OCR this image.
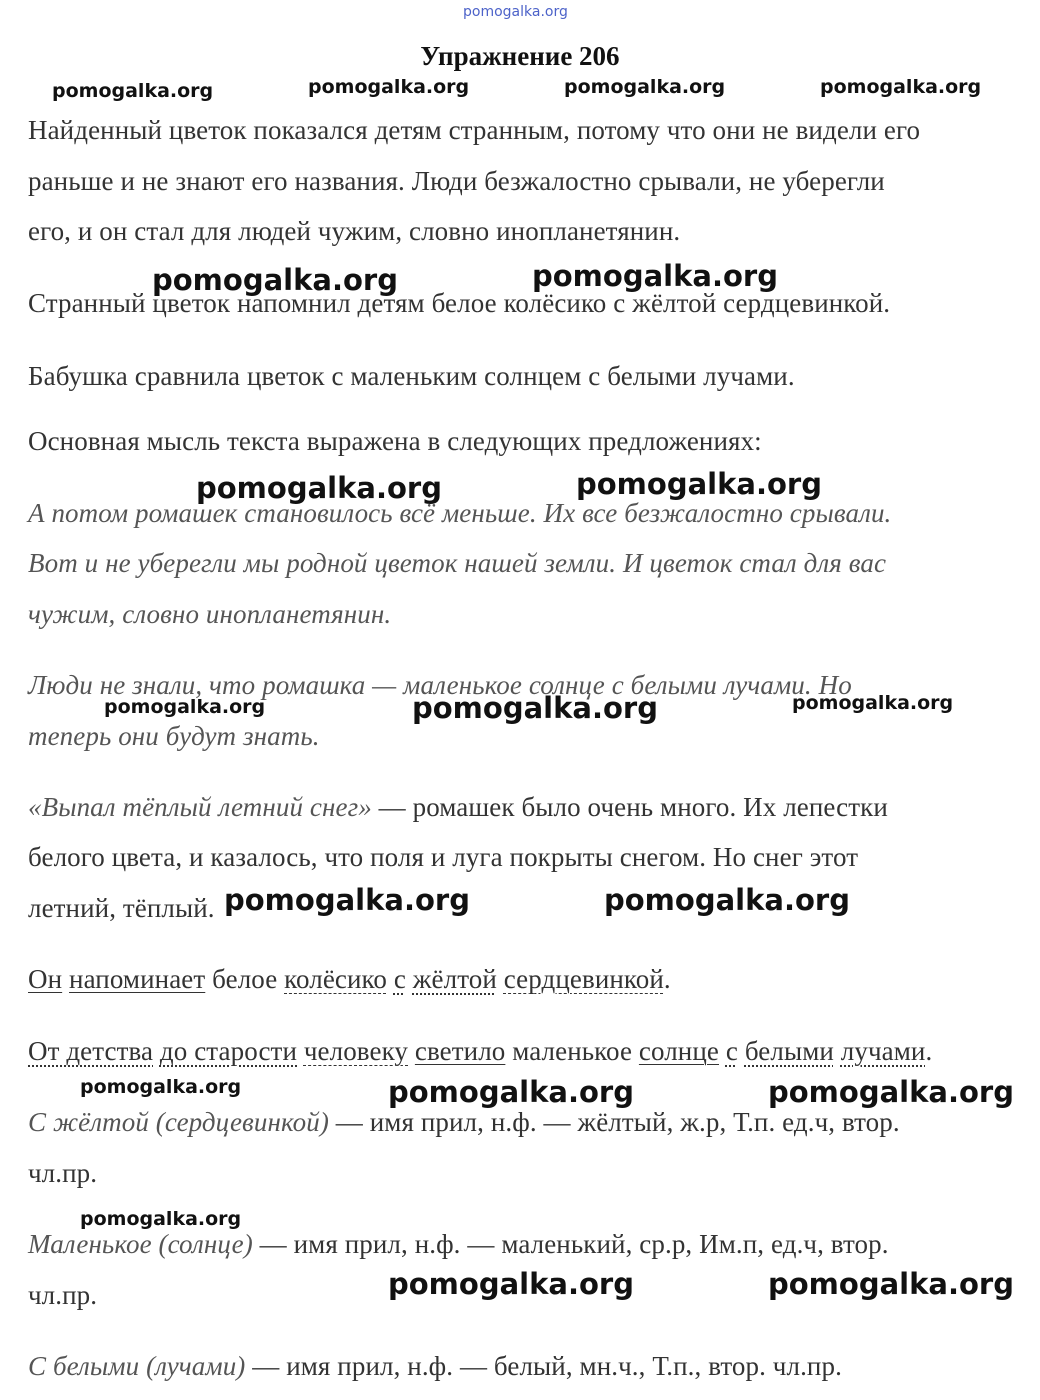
pomogalka.org
Упражнение 206
pomogalka.org	pomogalka.org	pomogalka.org	pomogalka.org

Найденный цветок показался детям странным, потому что они не видели его

раньше и не знают его названия. Люди безжалостно срывали, не уберегли

его, и он стал для людей чужим, словно инопланетянин.

Странный цветок напомнил детям белое колёсико с жёлтой сердцевинкой.

pomogalka.org	pomogalka.org

Бабушка сравнила цветок с маленьким солнцем с белыми лучами.

Основная мысль текста выражена в следующих предложениях:

А потом ромашек становилось всё меньше. Их все безжалостно срывали.

Вот и не уберегли мы родной цветок нашей земли. И цветок стал для вас

чужим, словно инопланетянин.

pomogalka.org	pomogalka.org

Люди не знали, что ромашка — маленькое солнце с белыми лучами. Но

теперь они будут знать.

pomogalka.org	pomogalka.org	pomogalka.org

«Выпал тёплый летний снег» — ромашек было очень много. Их лепестки

белого цвета, и казалось, что поля и луга покрыты снегом. Но снег этот

летний, тёплый. pomogalka.org	pomogalka.org

Он напоминает белое колёсико с жёлтой сердцевинкой.

От детства до старости человеку светило маленькое солнце с белыми лучами.

pomogalka.org	pomogalka.org	pomogalka.org

С жёлтой (сердцевинкой) — имя прил, н.ф. — жёлтый, ж.р, Т.п. ед.ч, втор.

чл.пр.

pomogalka.org

Маленькое (солнце) — имя прил, н.ф. — маленький, ср.р, Им.п, ед.ч, втор.

чл.пр.	pomogalka.org	pomogalka.org

С белыми (лучами) — имя прил, н.ф. — белый, мн.ч., Т.п., втор. чл.пр.
